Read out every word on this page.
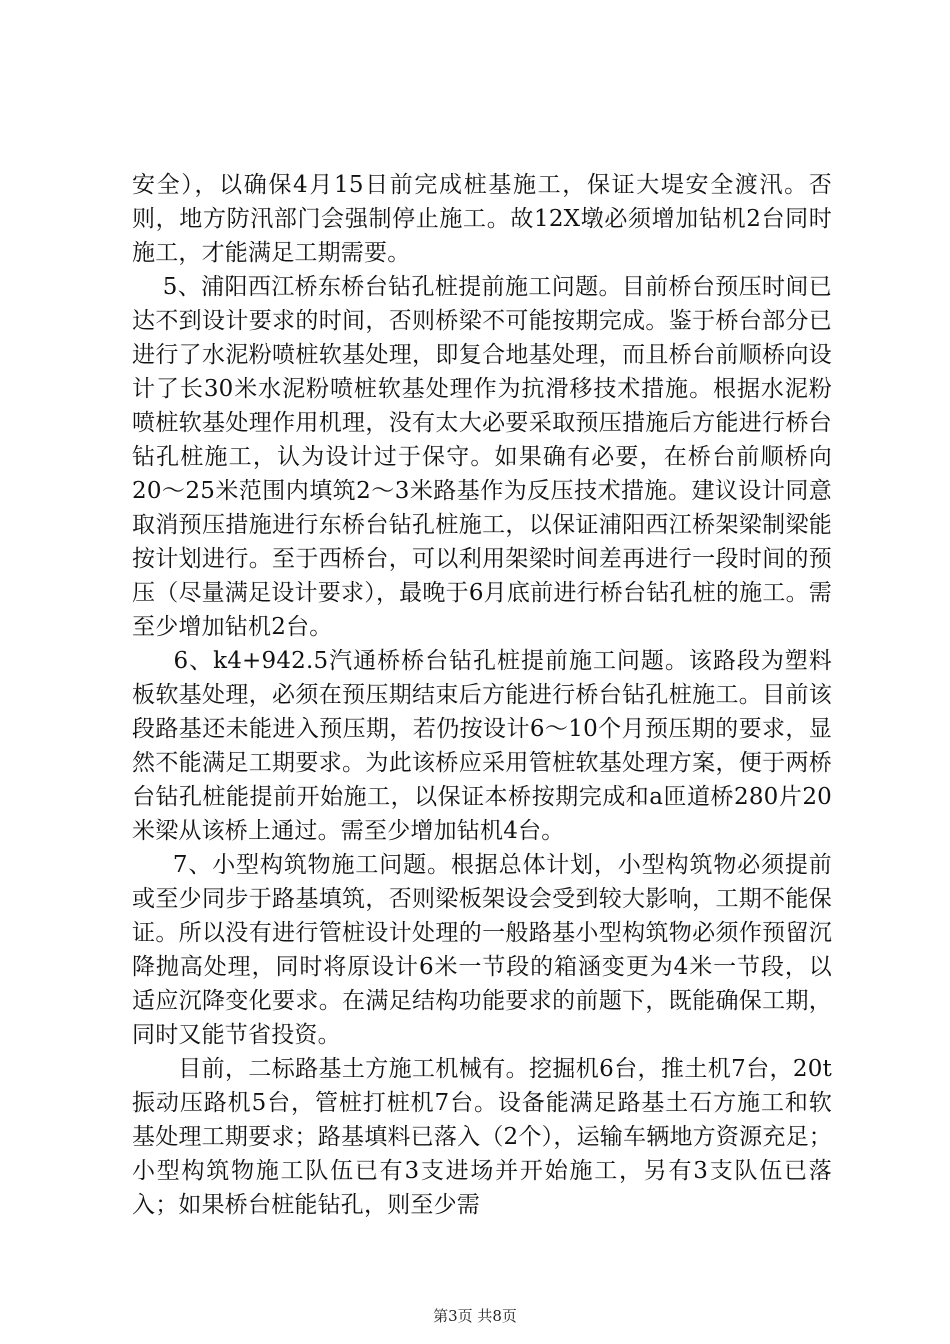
安全），以确保4月15日前完成桩基施工，保证大堤安全渡汛。否则，地方防汛部门会强制停止施工。故12X墩必须增加钻机2台同时施工，才能满足工期需要。

5、浦阳西江桥东桥台钻孔桩提前施工问题。目前桥台预压时间已达不到设计要求的时间，否则桥梁不可能按期完成。鉴于桥台部分已进行了水泥粉喷桩软基处理，即复合地基处理，而且桥台前顺桥向设计了长30米水泥粉喷桩软基处理作为抗滑移技术措施。根据水泥粉喷桩软基处理作用机理，没有太大必要采取预压措施后方能进行桥台钻孔桩施工，认为设计过于保守。如果确有必要，在桥台前顺桥向20～25米范围内填筑2～3米路基作为反压技术措施。建议设计同意取消预压措施进行东桥台钻孔桩施工，以保证浦阳西江桥架梁制梁能按计划进行。至于西桥台，可以利用架梁时间差再进行一段时间的预压（尽量满足设计要求），最晚于6月底前进行桥台钻孔桩的施工。需至少增加钻机2台。

6、k4+942.5汽通桥桥台钻孔桩提前施工问题。该路段为塑料板软基处理，必须在预压期结束后方能进行桥台钻孔桩施工。目前该段路基还未能进入预压期，若仍按设计6～10个月预压期的要求，显然不能满足工期要求。为此该桥应采用管桩软基处理方案，便于两桥台钻孔桩能提前开始施工，以保证本桥按期完成和a匝道桥280片20米梁从该桥上通过。需至少增加钻机4台。

7、小型构筑物施工问题。根据总体计划，小型构筑物必须提前或至少同步于路基填筑，否则梁板架设会受到较大影响，工期不能保证。所以没有进行管桩设计处理的一般路基小型构筑物必须作预留沉降抛高处理，同时将原设计6米一节段的箱涵变更为4米一节段，以适应沉降变化要求。在满足结构功能要求的前题下，既能确保工期，同时又能节省投资。

目前，二标路基土方施工机械有。挖掘机6台，推土机7台，20t振动压路机5台，管桩打桩机7台。设备能满足路基土石方施工和软基处理工期要求；路基填料已落入（2个），运输车辆地方资源充足；小型构筑物施工队伍已有3支进场并开始施工，另有3支队伍已落入；如果桥台桩能钻孔，则至少需

第3页 共8页
